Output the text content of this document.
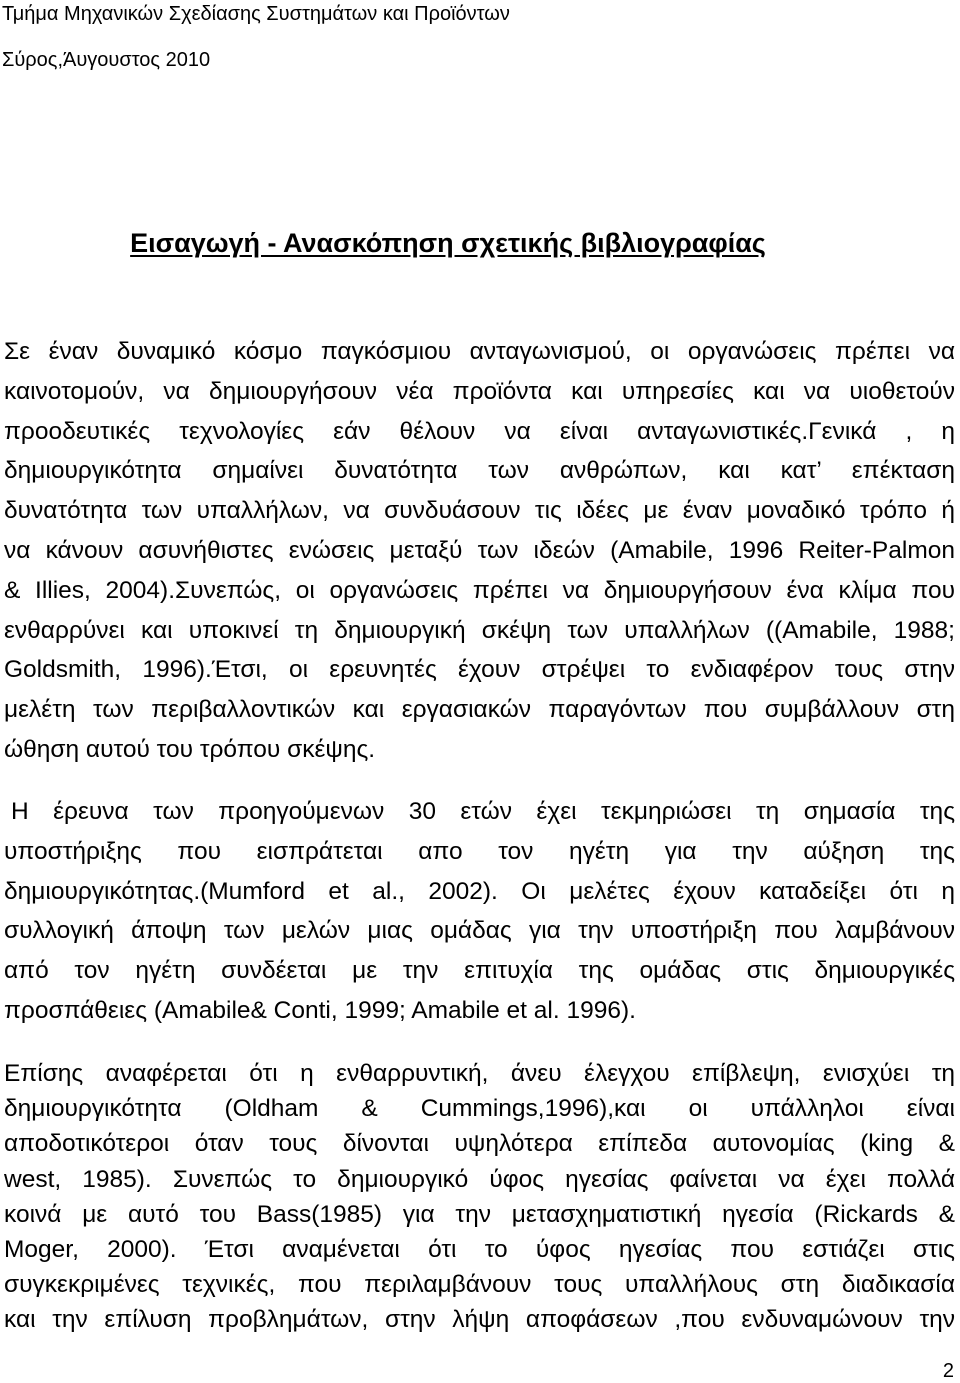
Τμήμα Μηχανικών Σχεδίασης Συστημάτων και Προϊόντων
Σύρος,Άυγουστος 2010
Εισαγωγή - Ανασκόπηση σχετικής βιβλιογραφίας
Σε έναν δυναμικό κόσμο παγκόσμιου ανταγωνισμού, οι οργανώσεις πρέπει να
καινοτομούν, να δημιουργήσουν νέα προϊόντα και υπηρεσίες και να υιοθετούν
προοδευτικές τεχνολογίες εάν θέλουν να είναι ανταγωνιστικές.Γενικά , η
δημιουργικότητα σημαίνει δυνατότητα των ανθρώπων, και κατ’ επέκταση
δυνατότητα των υπαλλήλων, να συνδυάσουν τις ιδέες με έναν μοναδικό τρόπο ή
να κάνουν ασυνήθιστες ενώσεις μεταξύ των ιδεών (Amabile, 1996 Reiter-Palmon
& Illies, 2004).Συνεπώς, οι οργανώσεις πρέπει να δημιουργήσουν ένα κλίμα που
ενθαρρύνει και υποκινεί τη δημιουργική σκέψη των υπαλλήλων ((Amabile, 1988;
Goldsmith, 1996).Έτσι, οι ερευνητές έχουν στρέψει το ενδιαφέρον τους στην
μελέτη των περιβαλλοντικών και εργασιακών παραγόντων που συμβάλλουν στη
ώθηση αυτού του τρόπου σκέψης.
Η έρευνα των προηγούμενων 30 ετών έχει τεκμηριώσει τη σημασία της
υποστήριξης που εισπράτεται απο τον ηγέτη για την αύξηση της
δημιουργικότητας.(Mumford et al., 2002). Οι μελέτες έχουν καταδείξει ότι η
συλλογική άποψη των μελών μιας ομάδας για την υποστήριξη που λαμβάνουν
από τον ηγέτη συνδέεται με την επιτυχία της ομάδας στις δημιουργικές
προσπάθειες (Amabile& Conti, 1999; Amabile et al. 1996).
Επίσης αναφέρεται ότι η ενθαρρυντική, άνευ έλεγχου επίβλεψη, ενισχύει τη
δημιουργικότητα (Oldham & Cummings,1996),και οι υπάλληλοι είναι
αποδοτικότεροι όταν τους δίνονται υψηλότερα επίπεδα αυτονομίας (king &
west, 1985). Συνεπώς το δημιουργικό ύφος ηγεσίας φαίνεται να έχει πολλά
κοινά με αυτό του Bass(1985) για την μετασχηματιστική ηγεσία (Rickards &
Moger, 2000). Έτσι αναμένεται ότι το ύφος ηγεσίας που εστιάζει στις
συγκεκριμένες τεχνικές, που περιλαμβάνουν τους υπαλλήλους στη διαδικασία
και την επίλυση προβλημάτων, στην λήψη αποφάσεων ,που ενδυναμώνουν την
2
